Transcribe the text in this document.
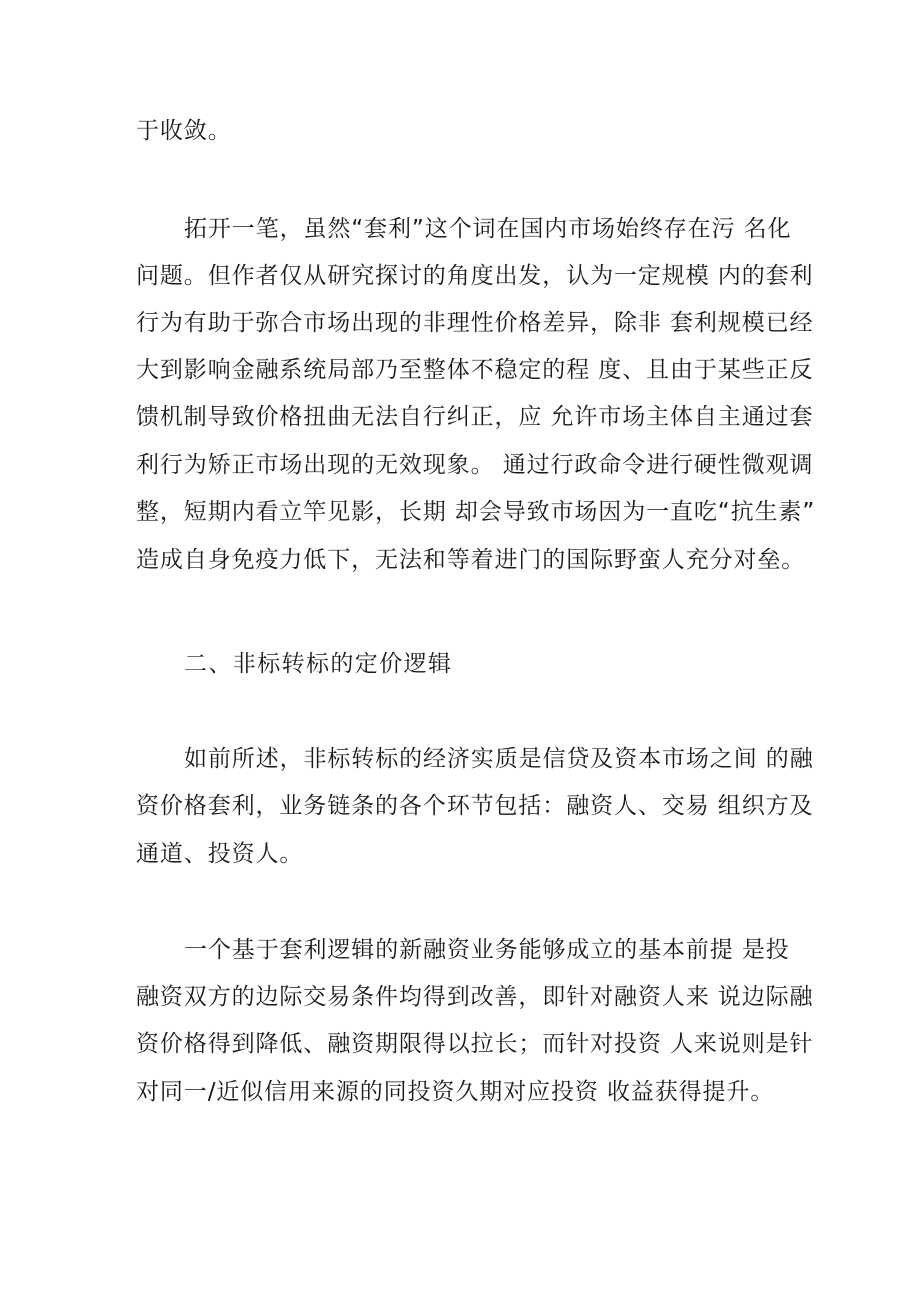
于收敛。
拓开一笔，虽然“套利”这个词在国内市场始终存在污 名化
问题。但作者仅从研究探讨的角度出发，认为一定规模 内的套利
行为有助于弥合市场出现的非理性价格差异，除非 套利规模已经
大到影响金融系统局部乃至整体不稳定的程 度、且由于某些正反
馈机制导致价格扭曲无法自行纠正，应 允许市场主体自主通过套
利行为矫正市场出现的无效现象。 通过行政命令进行硬性微观调
整，短期内看立竿见影，长期 却会导致市场因为一直吃“抗生素”
造成自身免疫力低下，无法和等着进门的国际野蛮人充分对垒。
二、非标转标的定价逻辑
如前所述，非标转标的经济实质是信贷及资本市场之间 的融
资价格套利，业务链条的各个环节包括：融资人、交易 组织方及
通道、投资人。
一个基于套利逻辑的新融资业务能够成立的基本前提 是投
融资双方的边际交易条件均得到改善，即针对融资人来 说边际融
资价格得到降低、融资期限得以拉长；而针对投资 人来说则是针
对同一/近似信用来源的同投资久期对应投资 收益获得提升。
